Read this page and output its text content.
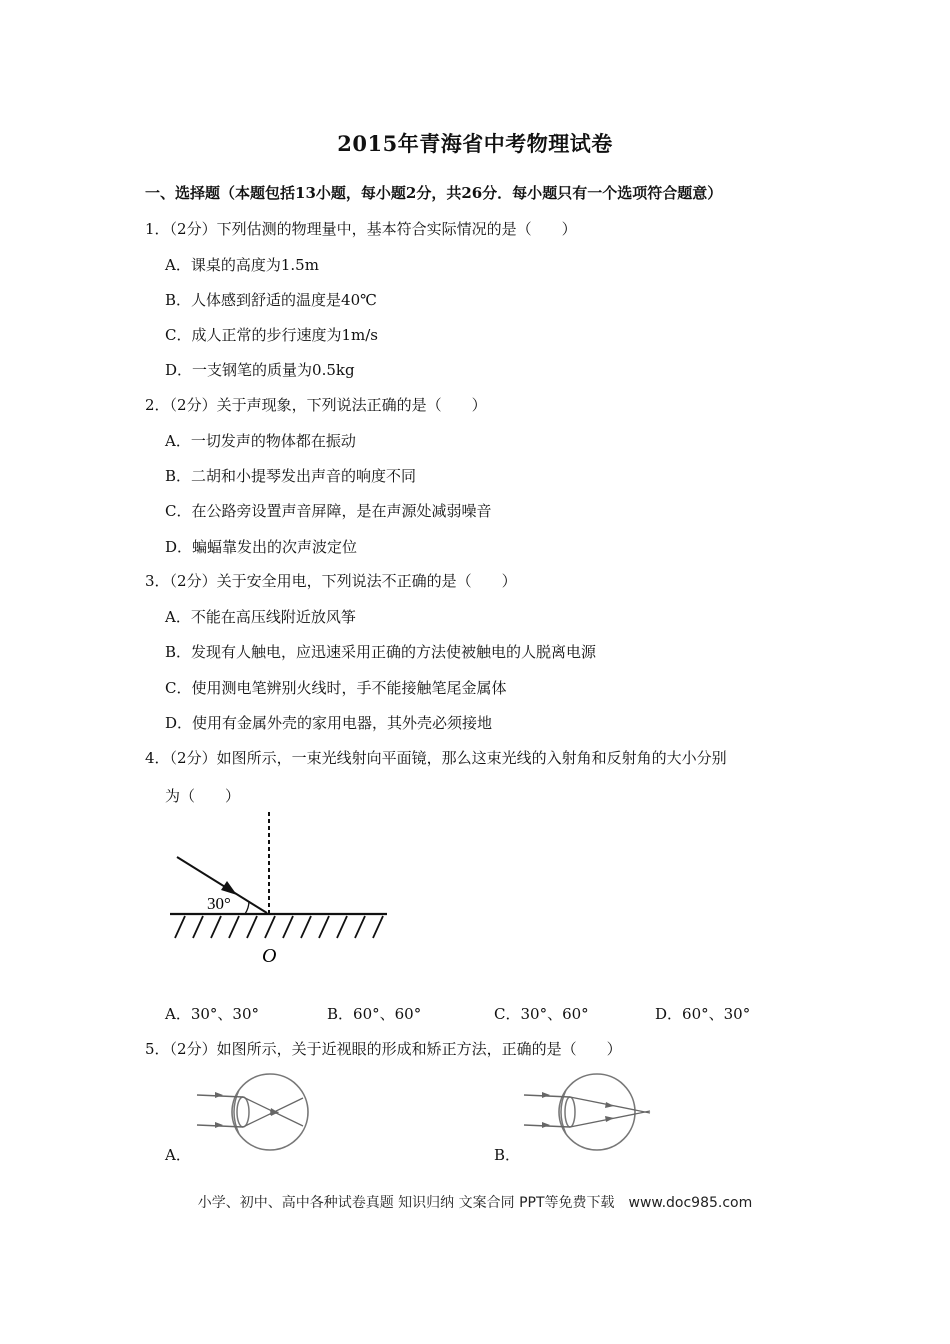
2015年青海省中考物理试卷
一、选择题（本题包括13小题，每小题2分，共26分．每小题只有一个选项符合题意）
1．（2分）下列估测的物理量中，基本符合实际情况的是（　　）
A．课桌的高度为1.5m
B．人体感到舒适的温度是40℃
C．成人正常的步行速度为1m/s
D．一支钢笔的质量为0.5kg
2．（2分）关于声现象，下列说法正确的是（　　）
A．一切发声的物体都在振动
B．二胡和小提琴发出声音的响度不同
C．在公路旁设置声音屏障，是在声源处减弱噪音
D．蝙蝠靠发出的次声波定位
3．（2分）关于安全用电，下列说法不正确的是（　　）
A．不能在高压线附近放风筝
B．发现有人触电，应迅速采用正确的方法使被触电的人脱离电源
C．使用测电笔辨别火线时，手不能接触笔尾金属体
D．使用有金属外壳的家用电器，其外壳必须接地
4．（2分）如图所示，一束光线射向平面镜，那么这束光线的入射角和反射角的大小分别
为（　　）
30°
O
A．30°、30°	B．60°、60°	C．30°、60°	D．60°、30°
5．（2分）如图所示，关于近视眼的形成和矫正方法，正确的是（　　）
A．	B．
小学、初中、高中各种试卷真题 知识归纳 文案合同 PPT等免费下载　www.doc985.com
